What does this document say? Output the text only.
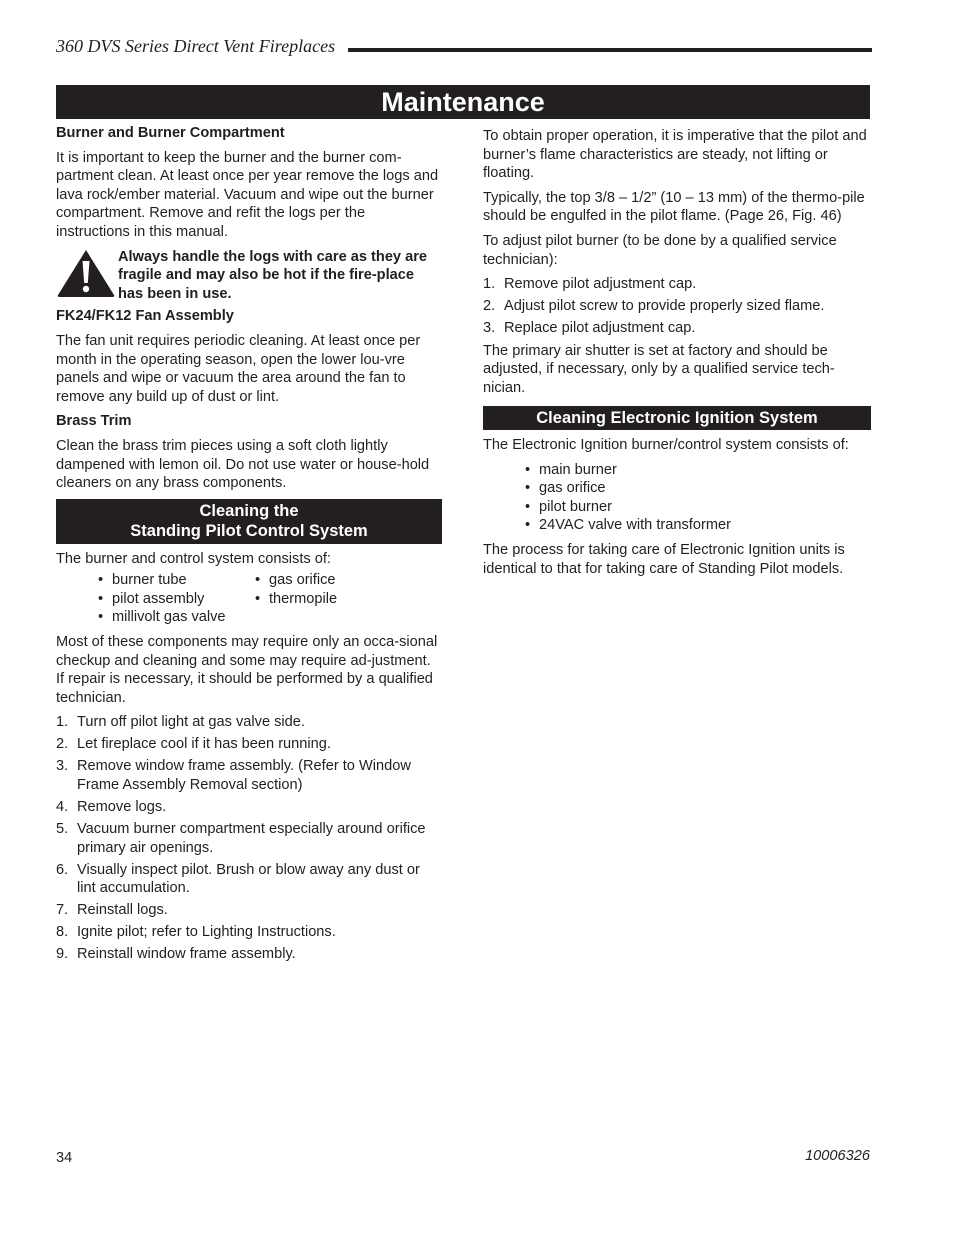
360 DVS Series Direct Vent Fireplaces
Maintenance
Burner and Burner Compartment

It is important to keep the burner and the burner com-partment clean. At least once per year remove the logs and lava rock/ember material. Vacuum and wipe out the burner compartment. Remove and refit the logs per the instructions in this manual.

Always handle the logs with care as they are fragile and may also be hot if the fire-place has been in use.
FK24/FK12 Fan Assembly

The fan unit requires periodic cleaning. At least once per month in the operating season, open the lower lou-vre panels and wipe or vacuum the area around the fan to remove any build up of dust or lint.

Brass Trim

Clean the brass trim pieces using a soft cloth lightly dampened with lemon oil. Do not use water or house-hold cleaners on any brass components.

Cleaning the
Standing Pilot Control System

The burner and control system consists of:

• burner tube
• pilot assembly
• millivolt gas valve
• gas orifice
• thermopile

Most of these components may require only an occa-sional checkup and cleaning and some may require ad-justment. If repair is necessary, it should be performed by a qualified technician.

1. Turn off pilot light at gas valve side.
2. Let fireplace cool if it has been running.
3. Remove window frame assembly. (Refer to Window Frame Assembly Removal section)
4. Remove logs.
5. Vacuum burner compartment especially around orifice primary air openings.
6. Visually inspect pilot. Brush or blow away any dust or lint accumulation.
7. Reinstall logs.
8. Ignite pilot; refer to Lighting Instructions.
9. Reinstall window frame assembly.

To obtain proper operation, it is imperative that the pilot and burner’s flame characteristics are steady, not lifting or floating.

Typically, the top 3/8 – 1/2” (10 – 13 mm) of the thermo-pile should be engulfed in the pilot flame. (Page 26, Fig. 46)

To adjust pilot burner (to be done by a qualified service technician):

1. Remove pilot adjustment cap.
2. Adjust pilot screw to provide properly sized flame.
3. Replace pilot adjustment cap.

The primary air shutter is set at factory and should be adjusted, if necessary, only by a qualified service tech-nician.

Cleaning Electronic Ignition System

The Electronic Ignition burner/control system consists of:

• main burner
• gas orifice
• pilot burner
• 24VAC valve with transformer

The process for taking care of Electronic Ignition units is identical to that for taking care of Standing Pilot models.

34	10006326
